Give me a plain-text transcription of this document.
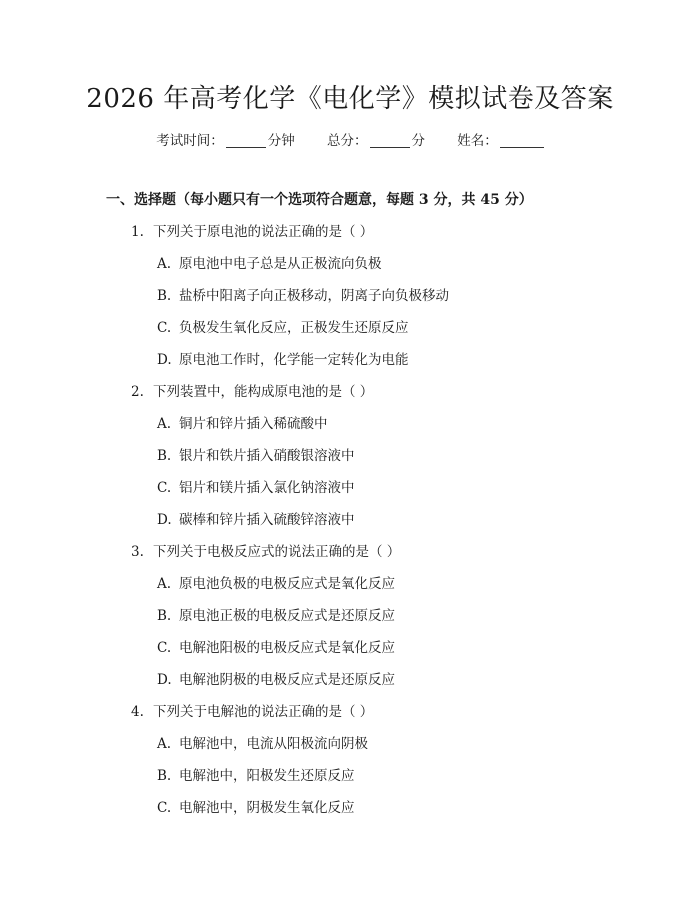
2026 年高考化学《电化学》模拟试卷及答案
考试时间：	分钟 总分：	分 姓名：
一、选择题（每小题只有一个选项符合题意，每题 3 分，共 45 分）
1. 下列关于原电池的说法正确的是（ ）
A. 原电池中电子总是从正极流向负极
B. 盐桥中阳离子向正极移动，阴离子向负极移动
C. 负极发生氧化反应，正极发生还原反应
D. 原电池工作时，化学能一定转化为电能
2. 下列装置中，能构成原电池的是（ ）
A. 铜片和锌片插入稀硫酸中
B. 银片和铁片插入硝酸银溶液中
C. 铝片和镁片插入氯化钠溶液中
D. 碳棒和锌片插入硫酸锌溶液中
3. 下列关于电极反应式的说法正确的是（ ）
A. 原电池负极的电极反应式是氧化反应
B. 原电池正极的电极反应式是还原反应
C. 电解池阳极的电极反应式是氧化反应
D. 电解池阴极的电极反应式是还原反应
4. 下列关于电解池的说法正确的是（ ）
A. 电解池中，电流从阳极流向阴极
B. 电解池中，阳极发生还原反应
C. 电解池中，阴极发生氧化反应
